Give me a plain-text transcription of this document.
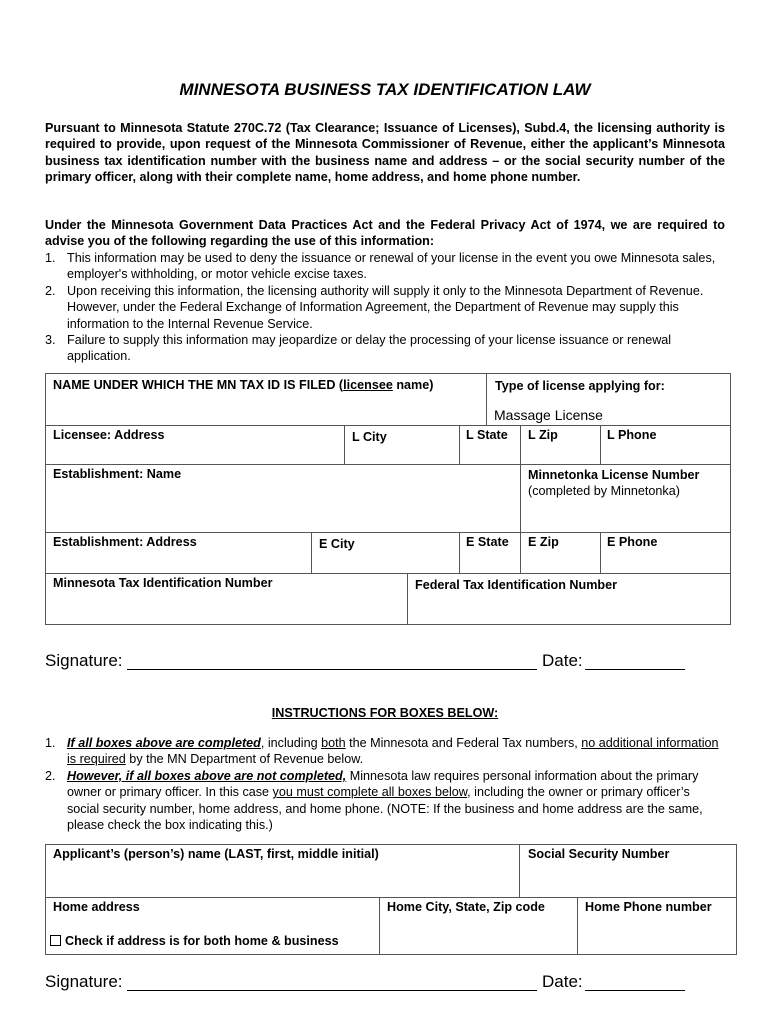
MINNESOTA BUSINESS TAX IDENTIFICATION LAW
Pursuant to Minnesota Statute 270C.72 (Tax Clearance; Issuance of Licenses), Subd.4, the licensing authority is required to provide, upon request of the Minnesota Commissioner of Revenue, either the applicant’s Minnesota business tax identification number with the business name and address – or the social security number of the primary officer, along with their complete name, home address, and home phone number.
Under the Minnesota Government Data Practices Act and the Federal Privacy Act of 1974, we are required to advise you of the following regarding the use of this information:
1. This information may be used to deny the issuance or renewal of your license in the event you owe Minnesota sales, employer's withholding, or motor vehicle excise taxes.
2. Upon receiving this information, the licensing authority will supply it only to the Minnesota Department of Revenue. However, under the Federal Exchange of Information Agreement, the Department of Revenue may supply this information to the Internal Revenue Service.
3. Failure to supply this information may jeopardize or delay the processing of your license issuance or renewal application.
NAME UNDER WHICH THE MN TAX ID IS FILED (licensee name)	Type of license applying for:
Massage License
Licensee: Address	L City	L State L Zip	L Phone
Establishment: Name	Minnetonka License Number
(completed by Minnetonka)
Establishment: Address	E City	E State E Zip	E Phone
Minnesota Tax Identification Number	Federal Tax Identification Number
Signature:	Date:
INSTRUCTIONS FOR BOXES BELOW:
1. If all boxes above are completed, including both the Minnesota and Federal Tax numbers, no additional information is required by the MN Department of Revenue below.
2. However, if all boxes above are not completed, Minnesota law requires personal information about the primary owner or primary officer. In this case you must complete all boxes below, including the owner or primary officer’s social security number, home address, and home phone. (NOTE: If the business and home address are the same, please check the box indicating this.)
Applicant’s (person’s) name (LAST, first, middle initial)	Social Security Number
Home address	Home City, State, Zip code	Home Phone number
Check if address is for both home & business
Signature:	Date:
